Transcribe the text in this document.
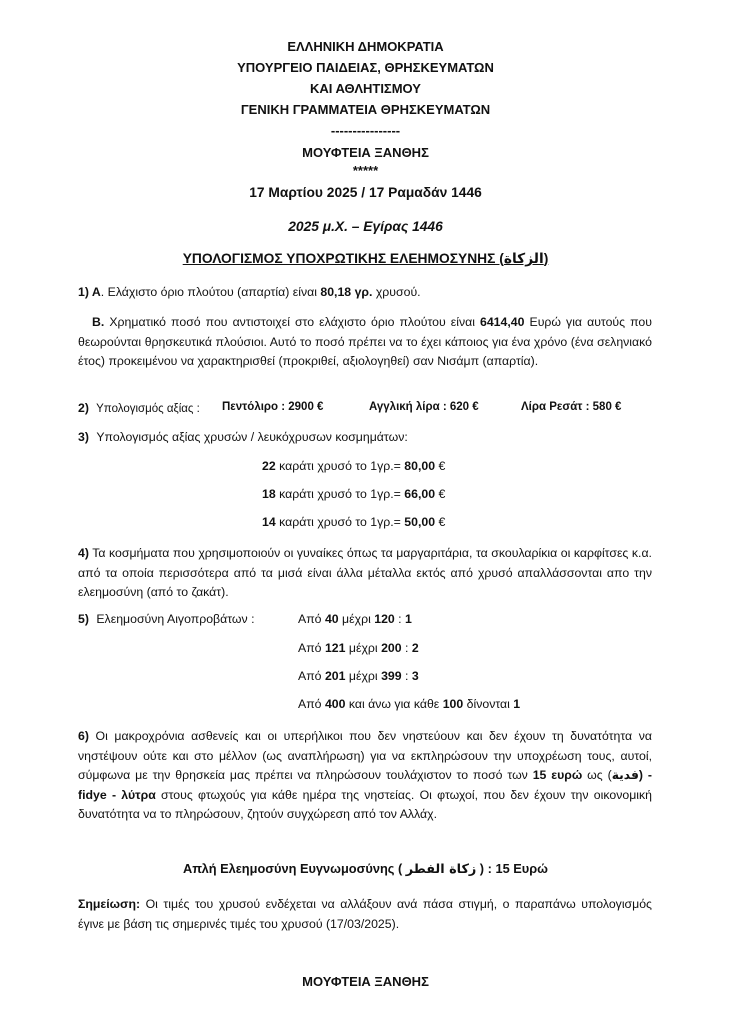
ΕΛΛΗΝΙΚΗ ΔΗΜΟΚΡΑΤΙΑ
ΥΠΟΥΡΓΕΙΟ ΠΑΙΔΕΙΑΣ, ΘΡΗΣΚΕΥΜΑΤΩΝ
ΚΑΙ ΑΘΛΗΤΙΣΜΟΥ
ΓΕΝΙΚΗ ΓΡΑΜΜΑΤΕΙΑ ΘΡΗΣΚΕΥΜΑΤΩΝ
----------------
ΜΟΥΦΤΕΙΑ ΞΑΝΘΗΣ
*****
17 Μαρτίου 2025 / 17 Ραμαδάν 1446
2025 μ.Χ. – Εγίρας 1446
ΥΠΟΛΟΓΙΣΜΟΣ ΥΠΟΧΡΩΤΙΚΗΣ ΕΛΕΗΜΟΣΥΝΗΣ (الزكاة)
1) Α. Ελάχιστο όριο πλούτου (απαρτία) είναι 80,18 γρ. χρυσού.
Β. Χρηματικό ποσό που αντιστοιχεί στο ελάχιστο όριο πλούτου είναι 6414,40 Ευρώ για αυτούς που θεωρούνται θρησκευτικά πλούσιοι. Αυτό το ποσό πρέπει να το έχει κάποιος για ένα χρόνο (ένα σεληνιακό έτος) προκειμένου να χαρακτηρισθεί (προκριθεί, αξιολογηθεί) σαν Νισάμπ (απαρτία).
2) Υπολογισμός αξίας : Πεντόλιρο : 2900 €	Αγγλική λίρα : 620 €	Λίρα Ρεσάτ : 580 €
3) Υπολογισμός αξίας χρυσών / λευκόχρυσων κοσμημάτων:
22 καράτι χρυσό το 1γρ.= 80,00 €
18 καράτι χρυσό το 1γρ.= 66,00 €
14 καράτι χρυσό το 1γρ.= 50,00 €
4) Τα κοσμήματα που χρησιμοποιούν οι γυναίκες όπως τα μαργαριτάρια, τα σκουλαρίκια οι καρφίτσες κ.α. από τα οποία περισσότερα από τα μισά είναι άλλα μέταλλα εκτός από χρυσό απαλλάσσονται απο την ελεημοσύνη (από το ζακάτ).
5) Ελεημοσύνη Αιγοπροβάτων :	Από 40 μέχρι 120 : 1
Από 121 μέχρι 200 : 2
Από 201 μέχρι 399 : 3
Από 400 και άνω για κάθε 100 δίνονται 1
6) Οι μακροχρόνια ασθενείς και οι υπερήλικοι που δεν νηστεύουν και δεν έχουν τη δυνατότητα να νηστέψουν ούτε και στο μέλλον (ως αναπλήρωση) για να εκπληρώσουν την υποχρέωση τους, αυτοί, σύμφωνα με την θρησκεία μας πρέπει να πληρώσουν τουλάχιστον το ποσό των 15 ευρώ ως (فدية) - fidye - λύτρα στους φτωχούς για κάθε ημέρα της νηστείας. Οι φτωχοί, που δεν έχουν την οικονομική δυνατότητα να το πληρώσουν, ζητούν συγχώρεση από τον Αλλάχ.
Απλή Ελεημοσύνη Ευγνωμοσύνης ( زكاة الفطر ) : 15 Ευρώ
Σημείωση: Οι τιμές του χρυσού ενδέχεται να αλλάξουν ανά πάσα στιγμή, ο παραπάνω υπολογισμός έγινε με βάση τις σημερινές τιμές του χρυσού (17/03/2025).
ΜΟΥΦΤΕΙΑ ΞΑΝΘΗΣ
